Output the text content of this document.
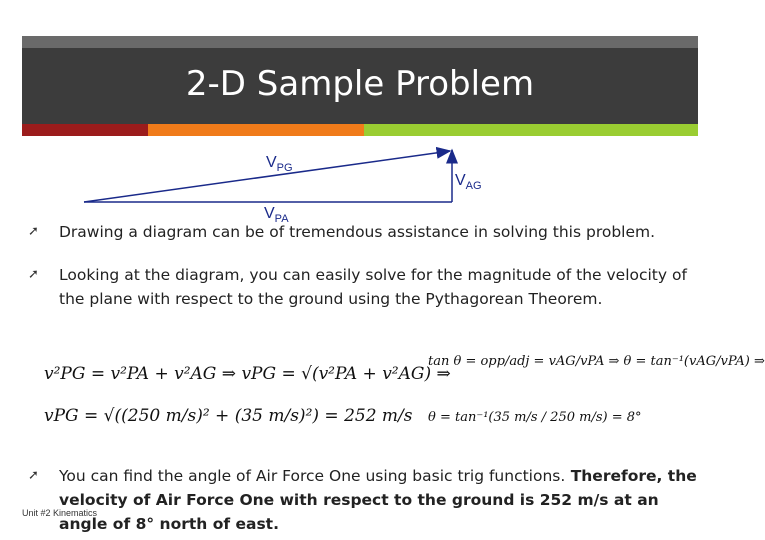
2-D Sample Problem
$V_{PG}$
$V_{AG}$
$V_{PA}$
➚	Drawing a diagram can be of tremendous assistance in solving this problem.
➚	Looking at the diagram, you can easily solve for the magnitude of the velocity of the plane with respect to the ground using the Pythagorean Theorem.
v²PG = v²PA + v²AG ⇒ vPG = √(v²PA + v²AG) ⇒
vPG = √((250 m/s)² + (35 m/s)²) = 252 m/s
tan θ = opp/adj = vAG/vPA ⇒ θ = tan⁻¹(vAG/vPA) ⇒
θ = tan⁻¹(35 m/s / 250 m/s) = 8°
➚	You can find the angle of Air Force One using basic trig functions. Therefore, the velocity of Air Force One with respect to the ground is 252 m/s at an angle of 8° north of east.
Unit #2 Kinematics
